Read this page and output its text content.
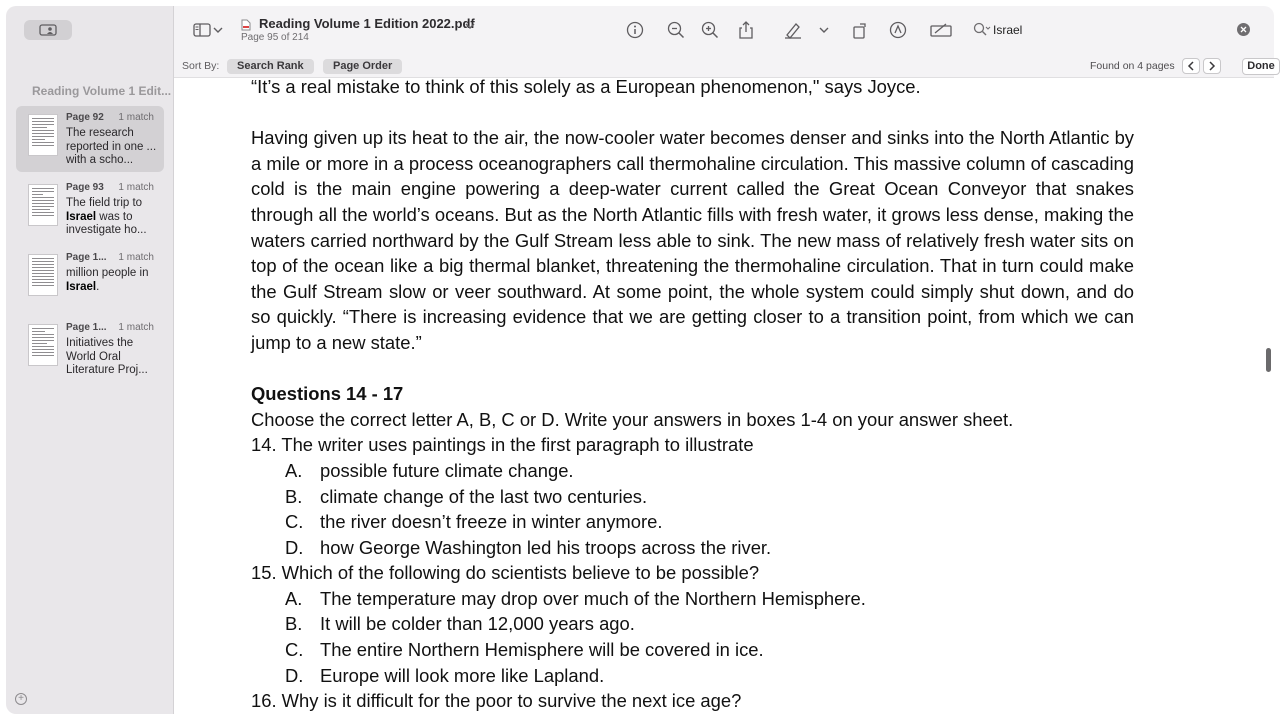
Reading Volume 1 Edit...
Page 92 1 match
The research reported in one ... with a scho...
Page 93 1 match
The field trip to Israel was to investigate ho...
Page 1... 1 match
million people in Israel.
Page 1... 1 match
Initiatives the World Oral Literature Proj...
+
Reading Volume 1 Edition 2022.pdf
Page 95 of 214
Israel
Sort By:	Search Rank	Page Order	Found on 4 pages	Done

“It’s a real mistake to think of this solely as a European phenomenon," says Joyce.

Having given up its heat to the air, the now-cooler water becomes denser and sinks into the North Atlantic by a mile or more in a process oceanographers call thermohaline circulation. This massive column of cascading cold is the main engine powering a deep-water current called the Great Ocean Conveyor that snakes through all the world’s oceans. But as the North Atlantic fills with fresh water, it grows less dense, making the waters carried northward by the Gulf Stream less able to sink. The new mass of relatively fresh water sits on top of the ocean like a big thermal blanket, threatening the thermohaline circulation. That in turn could make the Gulf Stream slow or veer southward. At some point, the whole system could simply shut down, and do so quickly. “There is increasing evidence that we are getting closer to a transition point, from which we can jump to a new state.”

Questions 14 - 17

Choose the correct letter A, B, C or D. Write your answers in boxes 1-4 on your answer sheet.

14. The writer uses paintings in the first paragraph to illustrate

A. possible future climate change.
B. climate change of the last two centuries.
C. the river doesn’t freeze in winter anymore.
D. how George Washington led his troops across the river.

15. Which of the following do scientists believe to be possible?

A. The temperature may drop over much of the Northern Hemisphere.
B. It will be colder than 12,000 years ago.
C. The entire Northern Hemisphere will be covered in ice.
D. Europe will look more like Lapland.

16. Why is it difficult for the poor to survive the next ice age?
